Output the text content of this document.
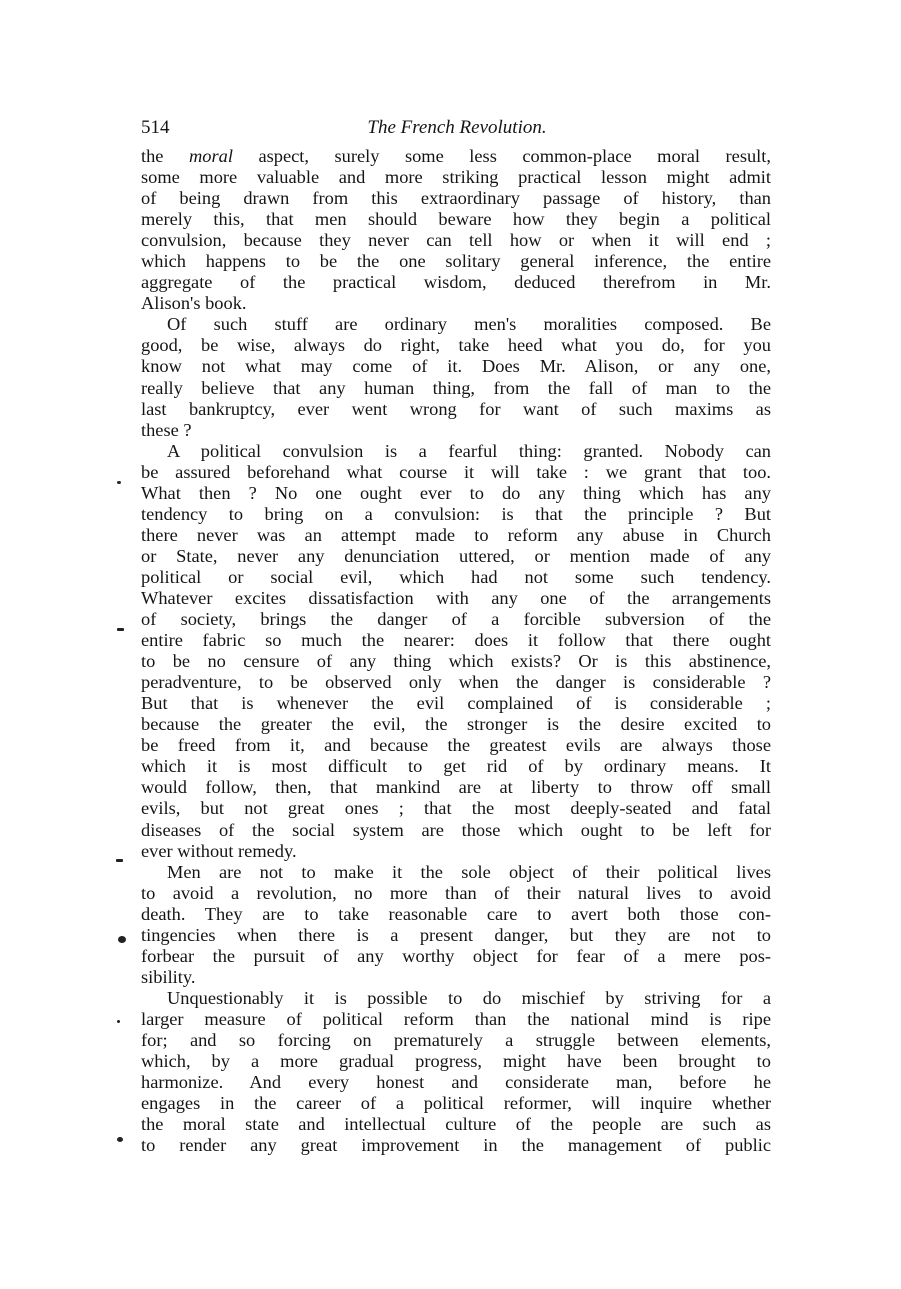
514	The French Revolution.
the moral aspect, surely some less common-place moral result,
some more valuable and more striking practical lesson might admit
of being drawn from this extraordinary passage of history, than
merely this, that men should beware how they begin a political
convulsion, because they never can tell how or when it will end ;
which happens to be the one solitary general inference, the entire
aggregate of the practical wisdom, deduced therefrom in Mr.
Alison's book.
Of such stuff are ordinary men's moralities composed. Be
good, be wise, always do right, take heed what you do, for you
know not what may come of it. Does Mr. Alison, or any one,
really believe that any human thing, from the fall of man to the
last bankruptcy, ever went wrong for want of such maxims as
these ?
A political convulsion is a fearful thing: granted. Nobody can
be assured beforehand what course it will take : we grant that too.
What then ? No one ought ever to do any thing which has any
tendency to bring on a convulsion: is that the principle ? But
there never was an attempt made to reform any abuse in Church
or State, never any denunciation uttered, or mention made of any
political or social evil, which had not some such tendency.
Whatever excites dissatisfaction with any one of the arrangements
of society, brings the danger of a forcible subversion of the
entire fabric so much the nearer: does it follow that there ought
to be no censure of any thing which exists? Or is this abstinence,
peradventure, to be observed only when the danger is considerable ?
But that is whenever the evil complained of is considerable ;
because the greater the evil, the stronger is the desire excited to
be freed from it, and because the greatest evils are always those
which it is most difficult to get rid of by ordinary means. It
would follow, then, that mankind are at liberty to throw off small
evils, but not great ones ; that the most deeply-seated and fatal
diseases of the social system are those which ought to be left for
ever without remedy.
Men are not to make it the sole object of their political lives
to avoid a revolution, no more than of their natural lives to avoid
death. They are to take reasonable care to avert both those con-
tingencies when there is a present danger, but they are not to
forbear the pursuit of any worthy object for fear of a mere pos-
sibility.
Unquestionably it is possible to do mischief by striving for a
larger measure of political reform than the national mind is ripe
for; and so forcing on prematurely a struggle between elements,
which, by a more gradual progress, might have been brought to
harmonize. And every honest and considerate man, before he
engages in the career of a political reformer, will inquire whether
the moral state and intellectual culture of the people are such as
to render any great improvement in the management of public
